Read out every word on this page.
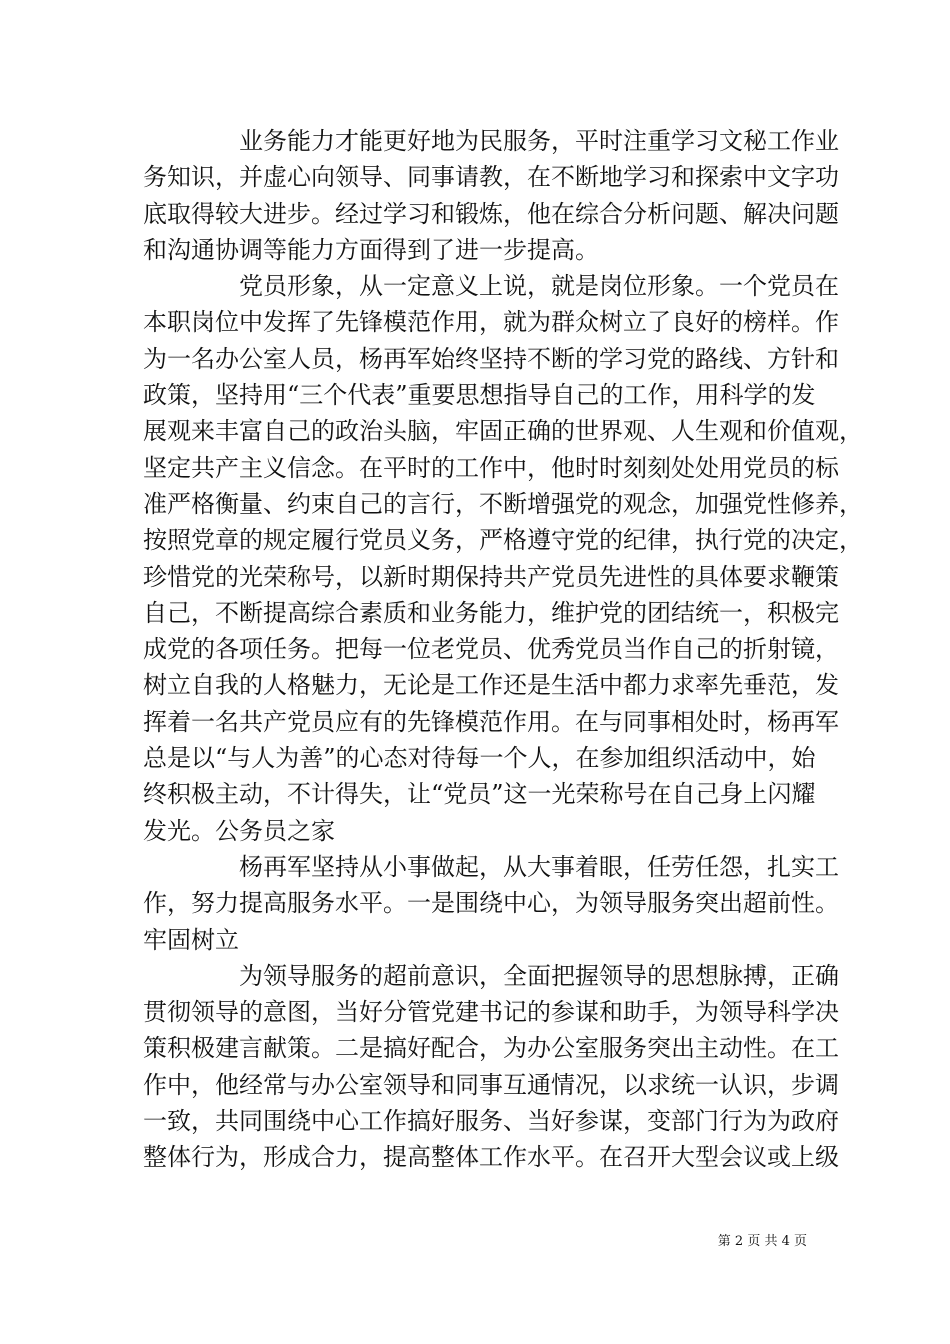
业务能力才能更好地为民服务，平时注重学习文秘工作业
务知识，并虚心向领导、同事请教，在不断地学习和探索中文字功
底取得较大进步。经过学习和锻炼，他在综合分析问题、解决问题
和沟通协调等能力方面得到了进一步提高。
党员形象，从一定意义上说，就是岗位形象。一个党员在
本职岗位中发挥了先锋模范作用，就为群众树立了良好的榜样。作
为一名办公室人员，杨再军始终坚持不断的学习党的路线、方针和
政策，坚持用“三个代表”重要思想指导自己的工作，用科学的发
展观来丰富自己的政治头脑，牢固正确的世界观、人生观和价值观，
坚定共产主义信念。在平时的工作中，他时时刻刻处处用党员的标
准严格衡量、约束自己的言行，不断增强党的观念，加强党性修养，
按照党章的规定履行党员义务，严格遵守党的纪律，执行党的决定，
珍惜党的光荣称号，以新时期保持共产党员先进性的具体要求鞭策
自己，不断提高综合素质和业务能力，维护党的团结统一，积极完
成党的各项任务。把每一位老党员、优秀党员当作自己的折射镜，
树立自我的人格魅力，无论是工作还是生活中都力求率先垂范，发
挥着一名共产党员应有的先锋模范作用。在与同事相处时，杨再军
总是以“与人为善”的心态对待每一个人，在参加组织活动中，始
终积极主动，不计得失，让“党员”这一光荣称号在自己身上闪耀
发光。公务员之家
杨再军坚持从小事做起，从大事着眼，任劳任怨，扎实工
作，努力提高服务水平。一是围绕中心，为领导服务突出超前性。
牢固树立
为领导服务的超前意识，全面把握领导的思想脉搏，正确
贯彻领导的意图，当好分管党建书记的参谋和助手，为领导科学决
策积极建言献策。二是搞好配合，为办公室服务突出主动性。在工
作中，他经常与办公室领导和同事互通情况，以求统一认识，步调
一致，共同围绕中心工作搞好服务、当好参谋，变部门行为为政府
整体行为，形成合力，提高整体工作水平。在召开大型会议或上级
第 2 页 共 4 页
